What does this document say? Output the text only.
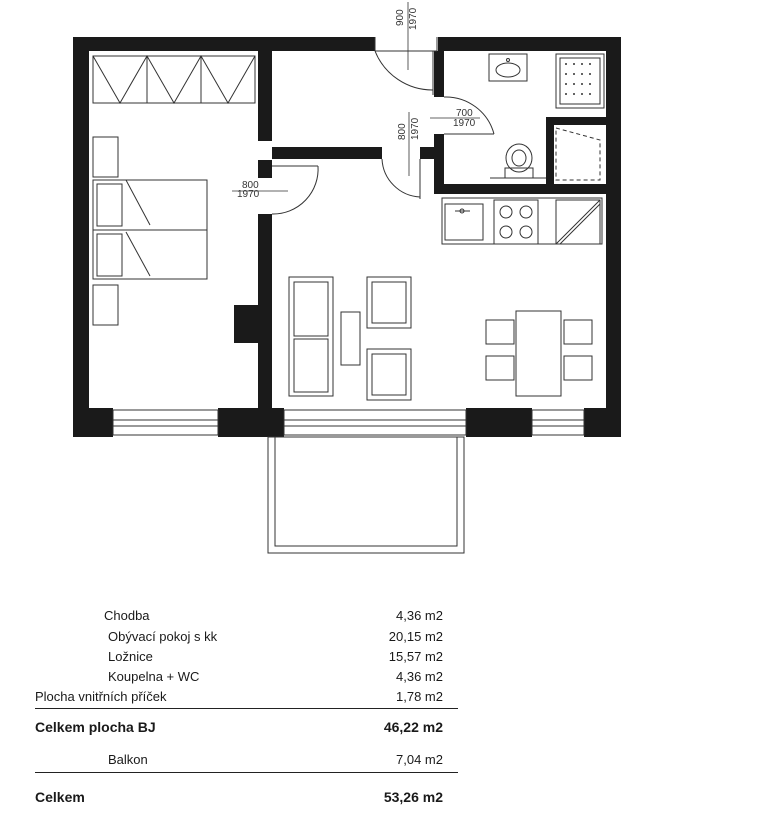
900 1970
700
1970
800 1970
800
1970
Chodba	4,36 m2
Obývací pokoj s kk	20,15 m2
Ložnice	15,57 m2
Koupelna + WC	4,36 m2
Plocha vnitřních příček	1,78 m2
Celkem plocha BJ	46,22 m2
Balkon	7,04 m2
Celkem	53,26 m2
